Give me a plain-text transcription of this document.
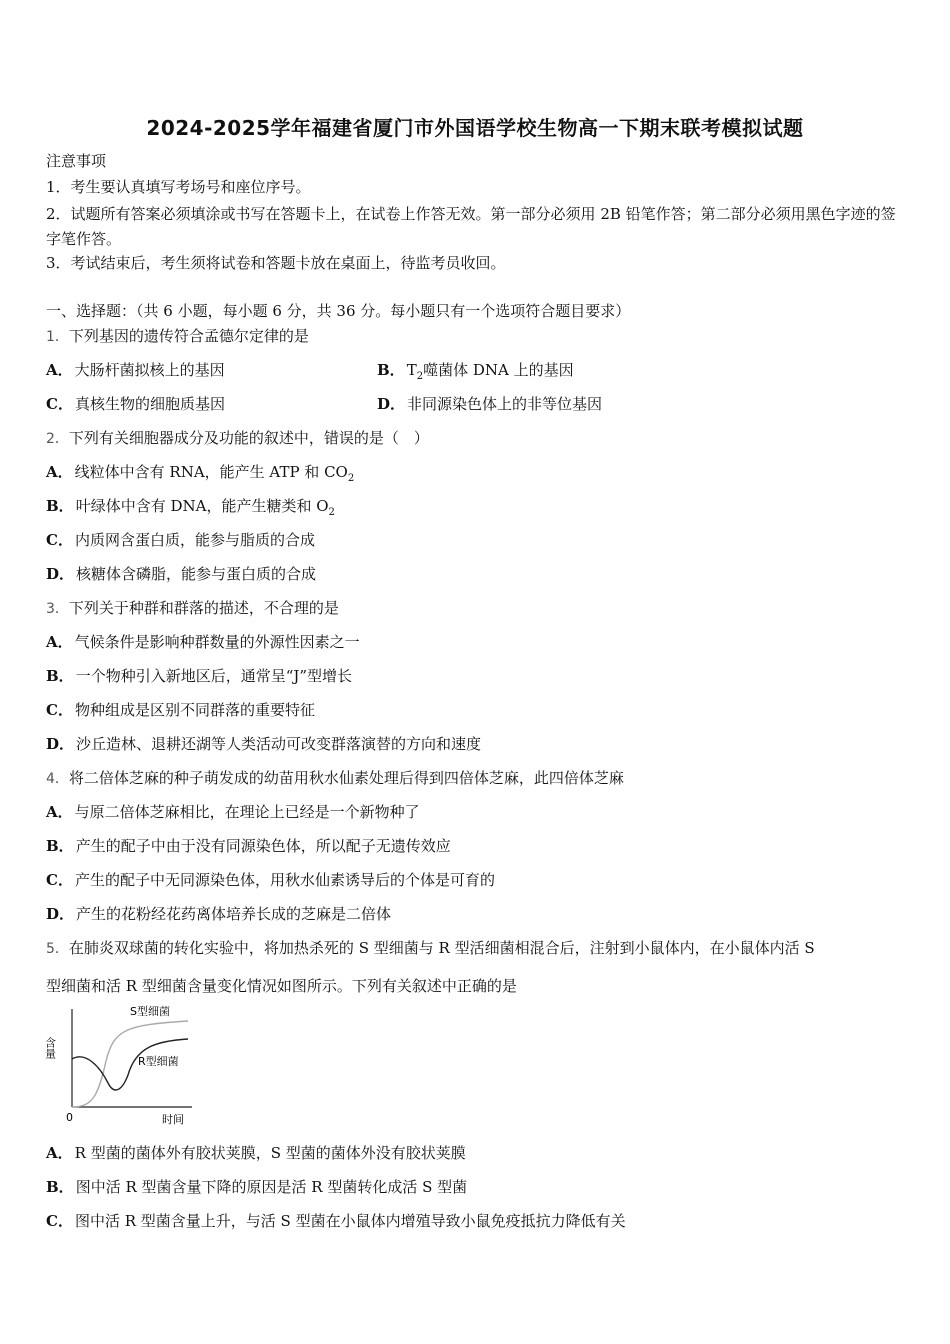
2024-2025学年福建省厦门市外国语学校生物高一下期末联考模拟试题
注意事项
1．考生要认真填写考场号和座位序号。
2．试题所有答案必须填涂或书写在答题卡上，在试卷上作答无效。第一部分必须用 2B 铅笔作答；第二部分必须用黑色字迹的签字笔作答。
3．考试结束后，考生须将试卷和答题卡放在桌面上，待监考员收回。
一、选择题：（共 6 小题，每小题 6 分，共 36 分。每小题只有一个选项符合题目要求）
1．下列基因的遗传符合孟德尔定律的是
A． 大肠杆菌拟核上的基因	B． $T_2$噬菌体 DNA 上的基因
C． 真核生物的细胞质基因	D． 非同源染色体上的非等位基因
2．下列有关细胞器成分及功能的叙述中，错误的是（　）
A． 线粒体中含有 RNA，能产生 ATP 和 $CO_2$
B． 叶绿体中含有 DNA，能产生糖类和 $O_2$
C． 内质网含蛋白质，能参与脂质的合成
D． 核糖体含磷脂，能参与蛋白质的合成
3．下列关于种群和群落的描述，不合理的是
A． 气候条件是影响种群数量的外源性因素之一
B． 一个物种引入新地区后，通常呈“J”型增长
C． 物种组成是区别不同群落的重要特征
D． 沙丘造林、退耕还湖等人类活动可改变群落演替的方向和速度
4．将二倍体芝麻的种子萌发成的幼苗用秋水仙素处理后得到四倍体芝麻，此四倍体芝麻
A． 与原二倍体芝麻相比，在理论上已经是一个新物种了
B． 产生的配子中由于没有同源染色体，所以配子无遗传效应
C． 产生的配子中无同源染色体，用秋水仙素诱导后的个体是可育的
D． 产生的花粉经花药离体培养长成的芝麻是二倍体
5．在肺炎双球菌的转化实验中，将加热杀死的 S 型细菌与 R 型活细菌相混合后，注射到小鼠体内，在小鼠体内活 S
型细菌和活 R 型细菌含量变化情况如图所示。下列有关叙述中正确的是
含量
0	时间
S型细菌
R型细菌
A． R 型菌的菌体外有胶状荚膜，S 型菌的菌体外没有胶状荚膜
B． 图中活 R 型菌含量下降的原因是活 R 型菌转化成活 S 型菌
C． 图中活 R 型菌含量上升，与活 S 型菌在小鼠体内增殖导致小鼠免疫抵抗力降低有关
